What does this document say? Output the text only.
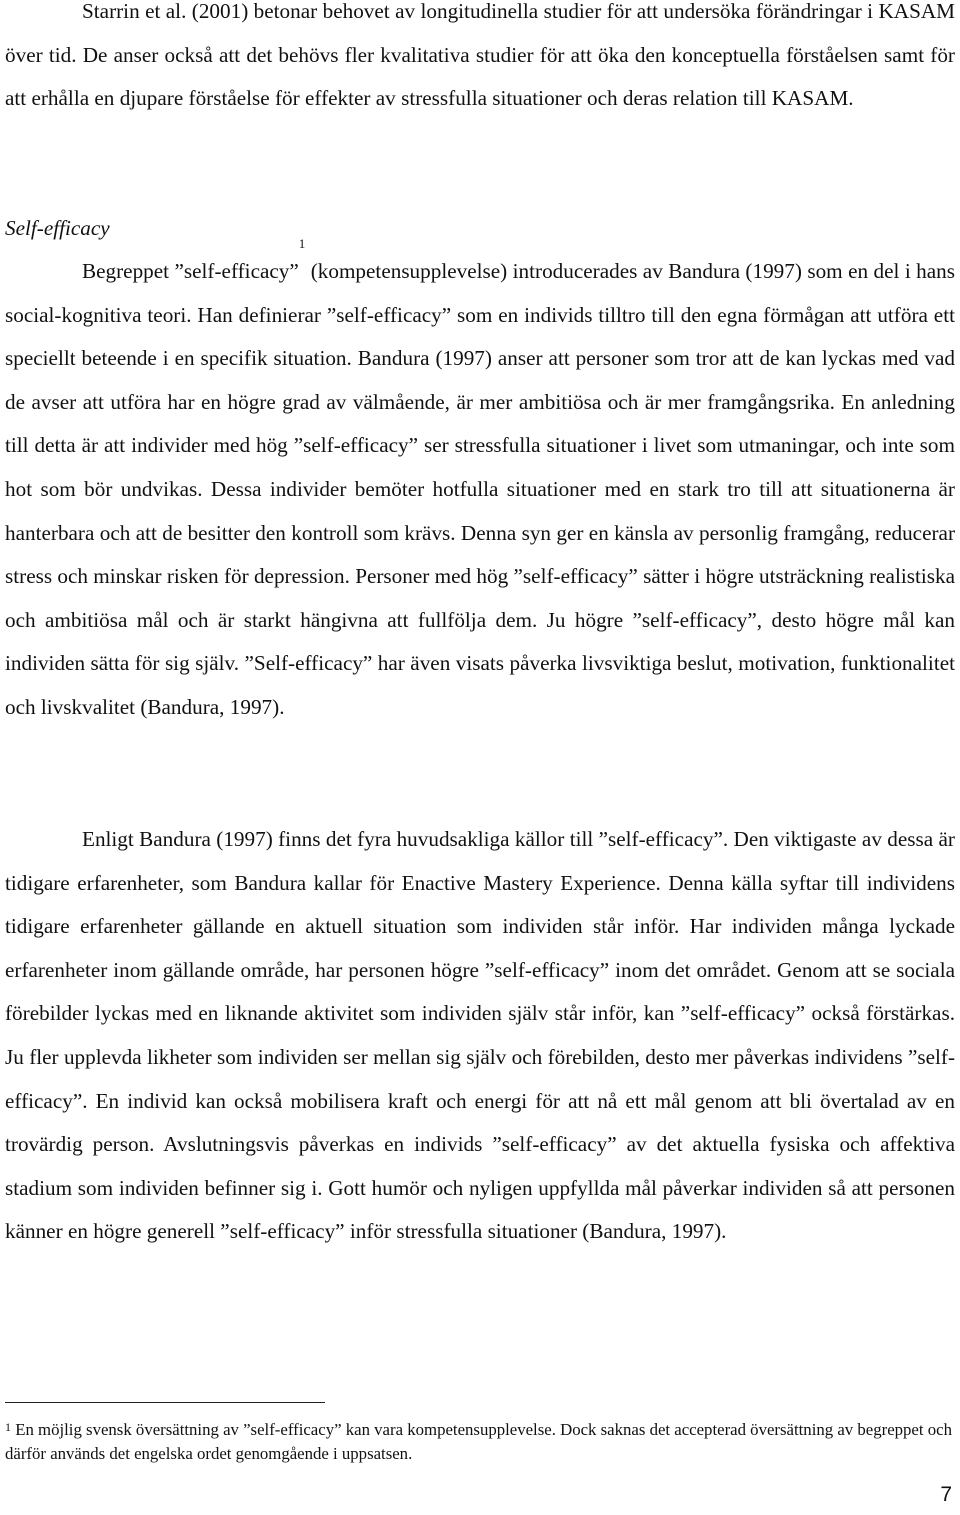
Starrin et al. (2001) betonar behovet av longitudinella studier för att undersöka förändringar i KASAM över tid. De anser också att det behövs fler kvalitativa studier för att öka den konceptuella förståelsen samt för att erhålla en djupare förståelse för effekter av stressfulla situationer och deras relation till KASAM.

Self-efficacy

Begreppet ”self-efficacy”$^1$ (kompetensupplevelse) introducerades av Bandura (1997) som en del i hans social-kognitiva teori. Han definierar ”self-efficacy” som en individs tilltro till den egna förmågan att utföra ett speciellt beteende i en specifik situation. Bandura (1997) anser att personer som tror att de kan lyckas med vad de avser att utföra har en högre grad av välmående, är mer ambitiösa och är mer framgångsrika. En anledning till detta är att individer med hög ”self-efficacy” ser stressfulla situationer i livet som utmaningar, och inte som hot som bör undvikas. Dessa individer bemöter hotfulla situationer med en stark tro till att situationerna är hanterbara och att de besitter den kontroll som krävs. Denna syn ger en känsla av personlig framgång, reducerar stress och minskar risken för depression. Personer med hög ”self-efficacy” sätter i högre utsträckning realistiska och ambitiösa mål och är starkt hängivna att fullfölja dem. Ju högre ”self-efficacy”, desto högre mål kan individen sätta för sig själv. ”Self-efficacy” har även visats påverka livsviktiga beslut, motivation, funktionalitet och livskvalitet (Bandura, 1997).

Enligt Bandura (1997) finns det fyra huvudsakliga källor till ”self-efficacy”. Den viktigaste av dessa är tidigare erfarenheter, som Bandura kallar för Enactive Mastery Experience. Denna källa syftar till individens tidigare erfarenheter gällande en aktuell situation som individen står inför. Har individen många lyckade erfarenheter inom gällande område, har personen högre ”self-efficacy” inom det området. Genom att se sociala förebilder lyckas med en liknande aktivitet som individen själv står inför, kan ”self-efficacy” också förstärkas. Ju fler upplevda likheter som individen ser mellan sig själv och förebilden, desto mer påverkas individens ”self-efficacy”. En individ kan också mobilisera kraft och energi för att nå ett mål genom att bli övertalad av en trovärdig person. Avslutningsvis påverkas en individs ”self-efficacy” av det aktuella fysiska och affektiva stadium som individen befinner sig i. Gott humör och nyligen uppfyllda mål påverkar individen så att personen känner en högre generell ”self-efficacy” inför stressfulla situationer (Bandura, 1997).

$^1$ En möjlig svensk översättning av ”self-efficacy” kan vara kompetensupplevelse. Dock saknas det accepterad översättning av begreppet och därför används det engelska ordet genomgående i uppsatsen.

7
